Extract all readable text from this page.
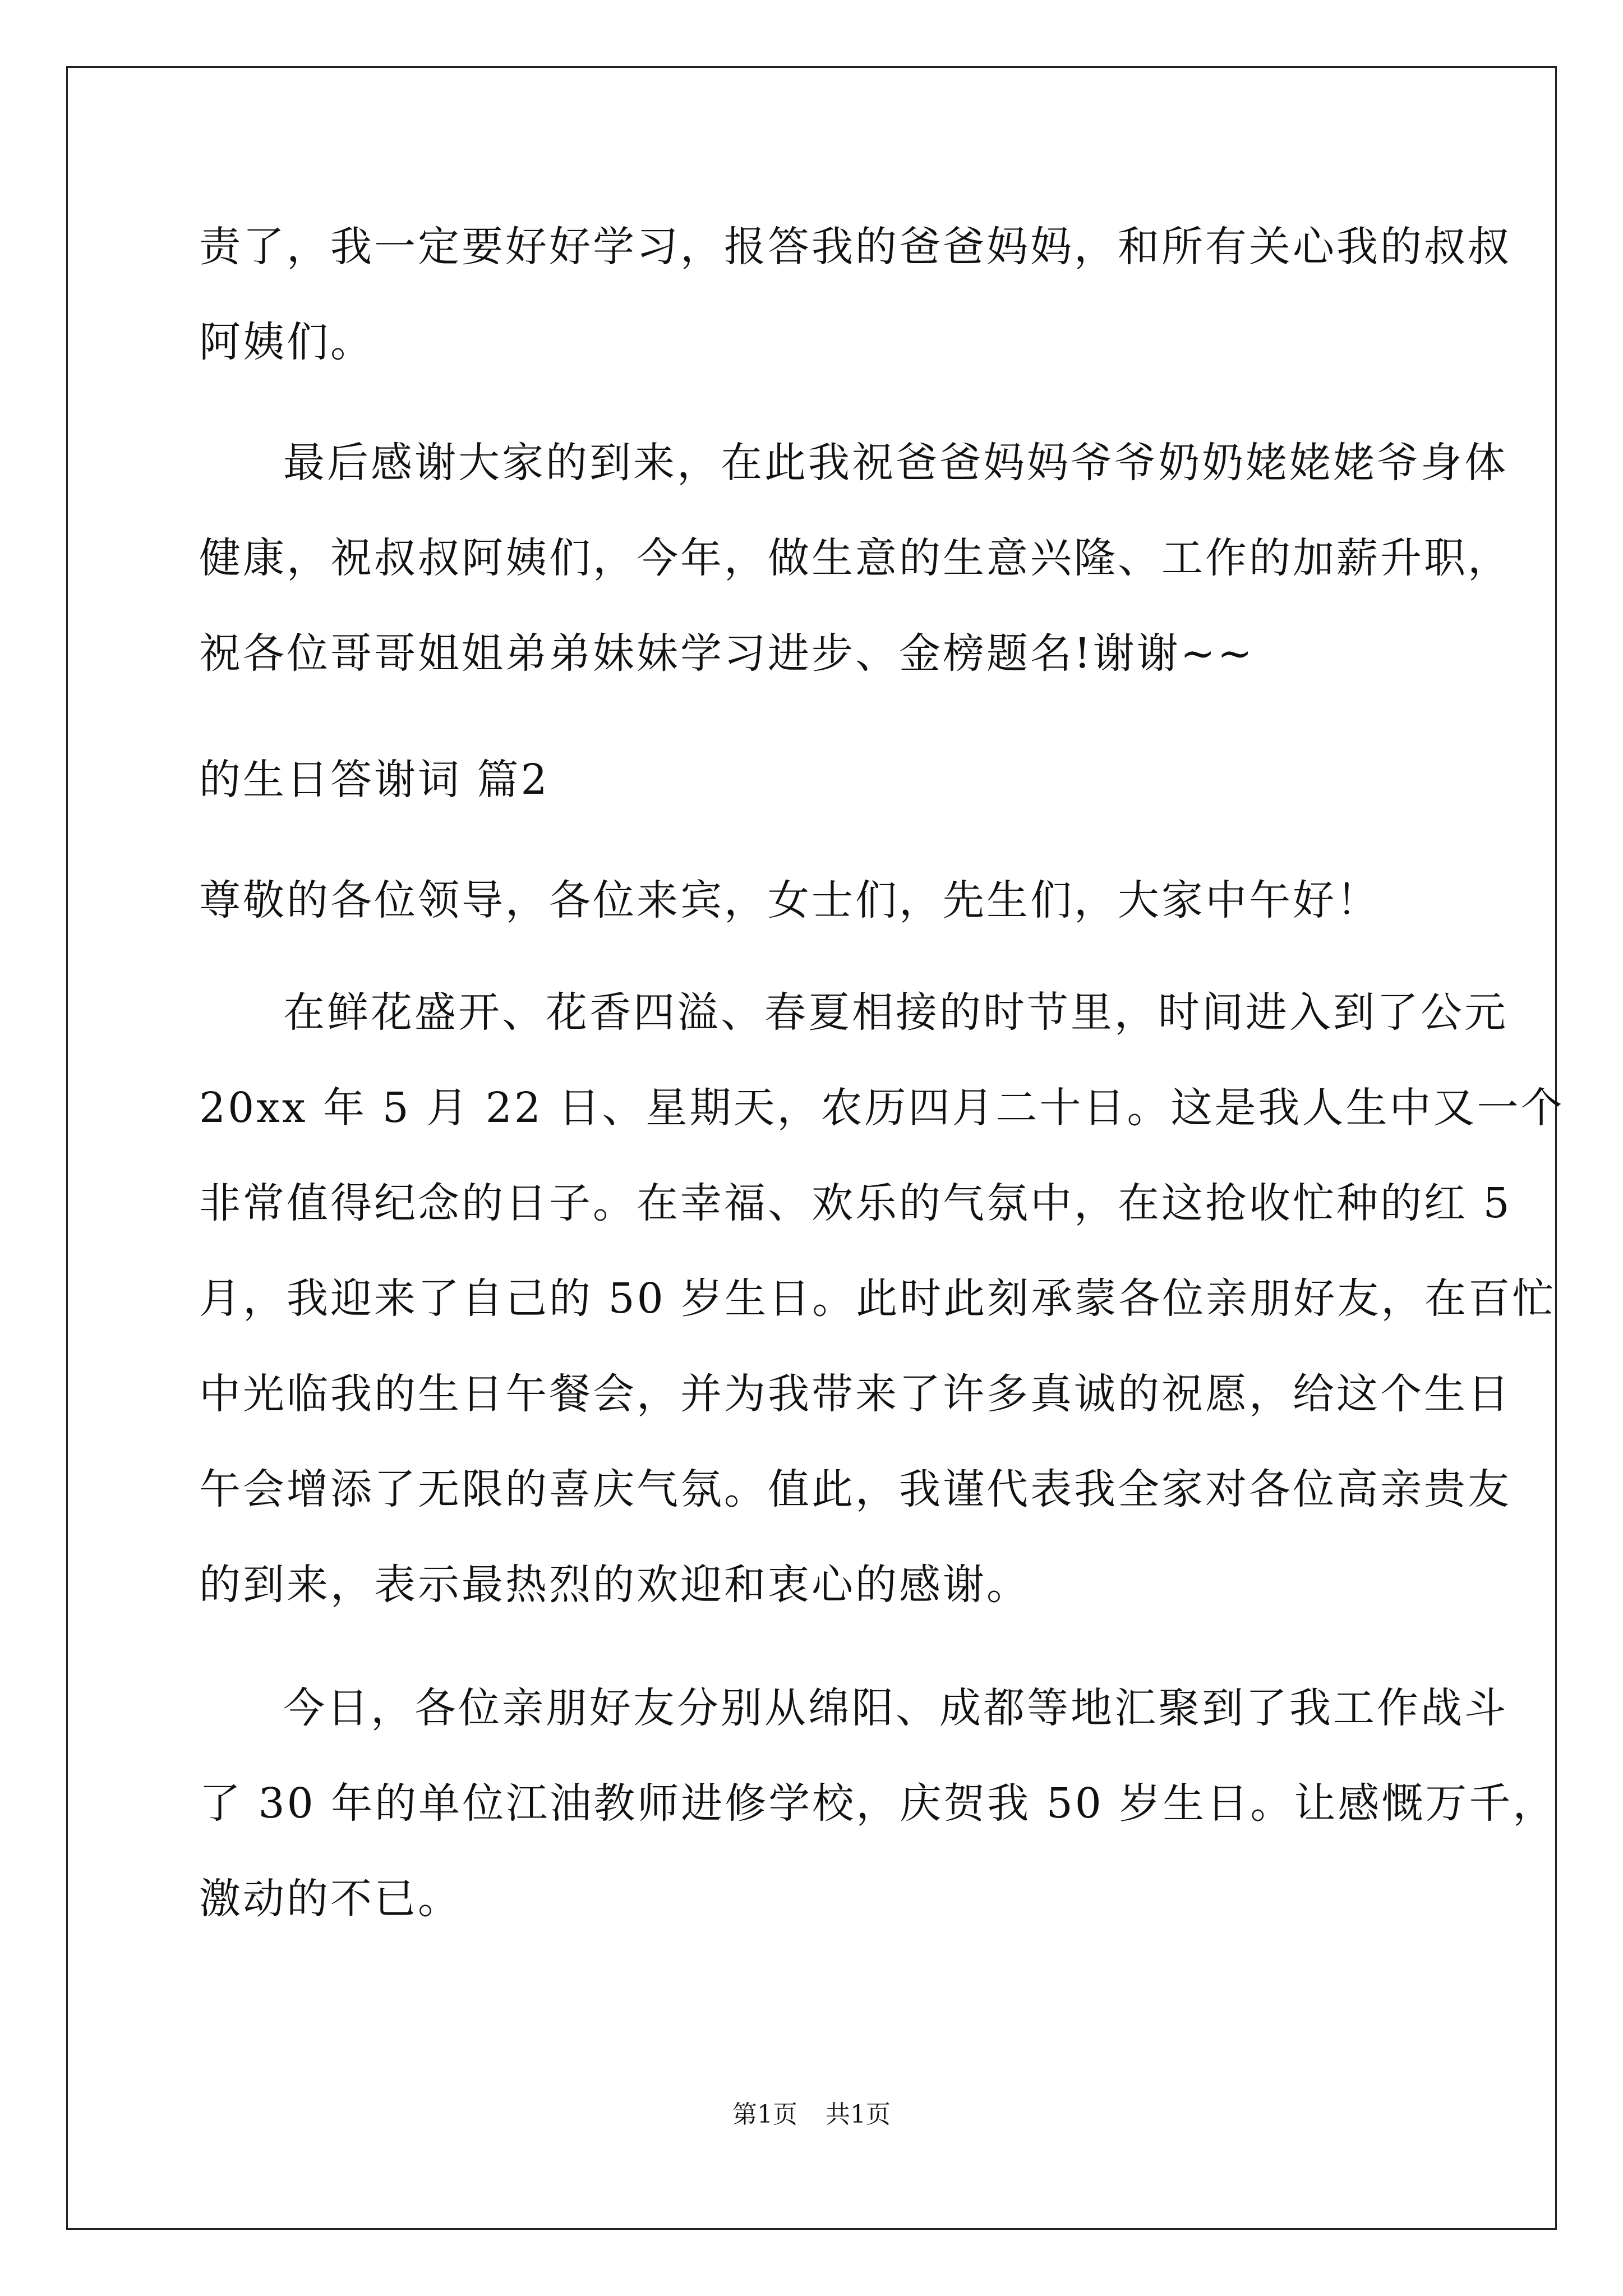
责了，我一定要好好学习，报答我的爸爸妈妈，和所有关心我的叔叔
阿姨们。
最后感谢大家的到来，在此我祝爸爸妈妈爷爷奶奶姥姥姥爷身体
健康，祝叔叔阿姨们，今年，做生意的生意兴隆、工作的加薪升职，
祝各位哥哥姐姐弟弟妹妹学习进步、金榜题名!谢谢~~
的生日答谢词 篇2
尊敬的各位领导，各位来宾，女士们，先生们，大家中午好！
在鲜花盛开、花香四溢、春夏相接的时节里，时间进入到了公元
20xx 年 5 月 22 日、星期天，农历四月二十日。这是我人生中又一个
非常值得纪念的日子。在幸福、欢乐的气氛中，在这抢收忙种的红 5
月，我迎来了自己的 50 岁生日。此时此刻承蒙各位亲朋好友，在百忙
中光临我的生日午餐会，并为我带来了许多真诚的祝愿，给这个生日
午会增添了无限的喜庆气氛。值此，我谨代表我全家对各位高亲贵友
的到来，表示最热烈的欢迎和衷心的感谢。
今日，各位亲朋好友分别从绵阳、成都等地汇聚到了我工作战斗
了 30 年的单位江油教师进修学校，庆贺我 50 岁生日。让感慨万千，
激动的不已。
第1页 共1页
